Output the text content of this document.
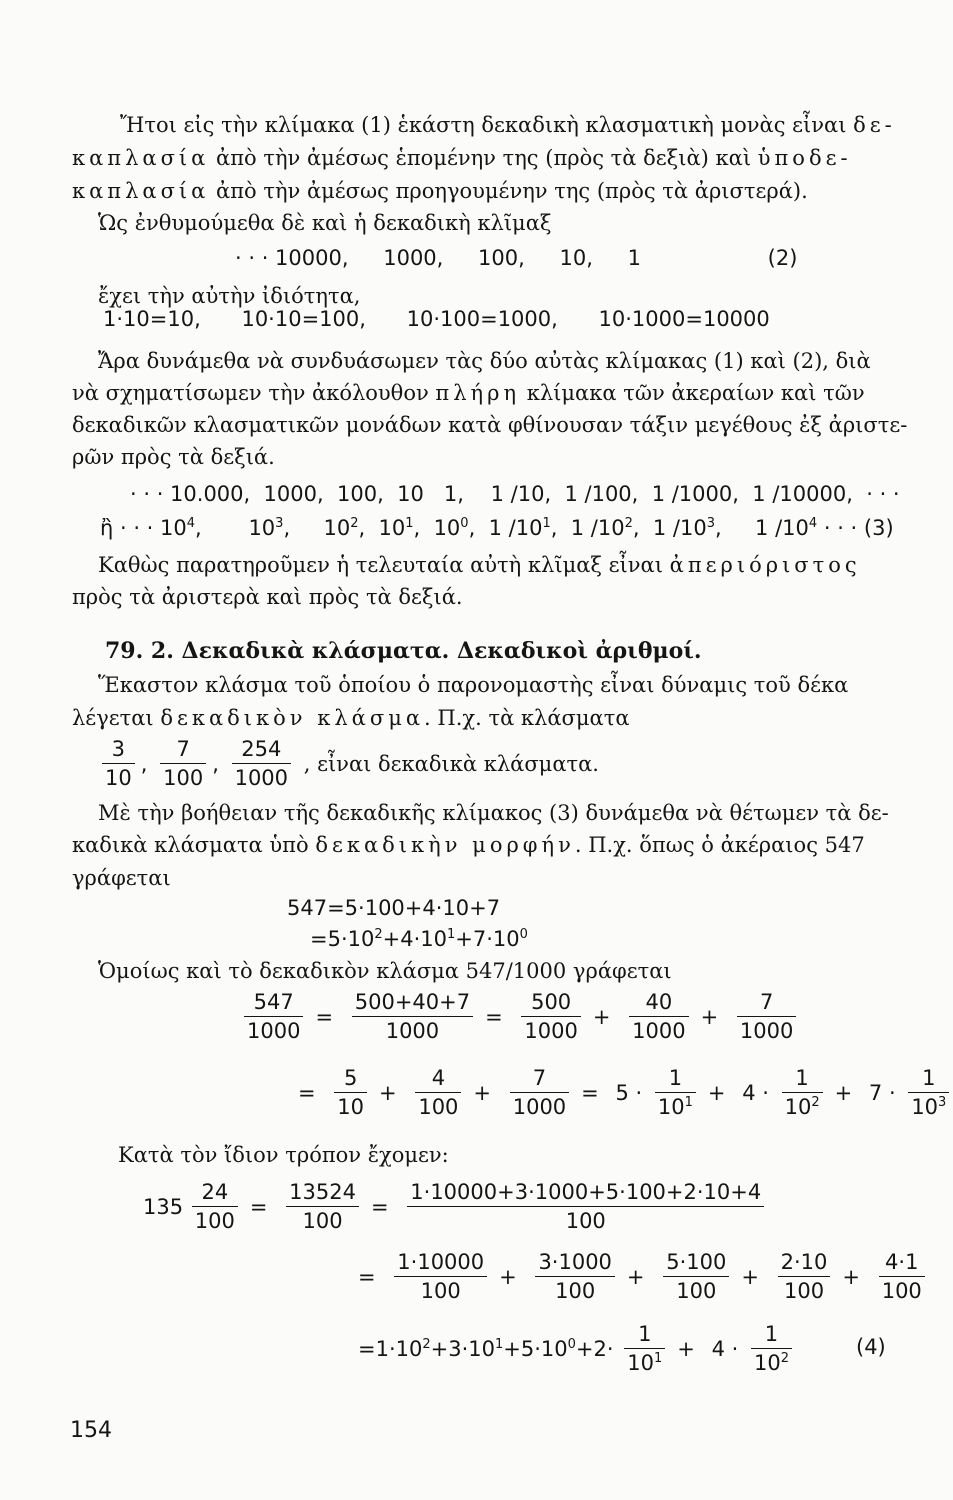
Ἤτοι εἰς τὴν κλίμακα (1) ἑκάστη δεκαδικὴ κλασματικὴ μονὰς εἶναι δε-
καπλασία ἀπὸ τὴν ἀμέσως ἑπομένην της (πρὸς τὰ δεξιὰ) καὶ ὑποδε-
καπλασία ἀπὸ τὴν ἀμέσως προηγουμένην της (πρὸς τὰ ἀριστερά).
Ὡς ἐνθυμούμεθα δὲ καὶ ἡ δεκαδικὴ κλῖμαξ
· · · 10000, 1000, 100, 10, 1	(2)
ἔχει τὴν αὐτὴν ἰδιότητα,
1·10=10, 10·10=100, 10·100=1000, 10·1000=10000
Ἄρα δυνάμεθα νὰ συνδυάσωμεν τὰς δύο αὐτὰς κλίμακας (1) καὶ (2), διὰ
νὰ σχηματίσωμεν τὴν ἀκόλουθον πλήρη κλίμακα τῶν ἀκεραίων καὶ τῶν
δεκαδικῶν κλασματικῶν μονάδων κατὰ φθίνουσαν τάξιν μεγέθους ἐξ ἀριστε-
ρῶν πρὸς τὰ δεξιά.
· · · 10.000,  1000,  100,  10   1,    1 /10,  1 /100,  1 /1000,  1 /10000,  · · ·
ἢ · · · $10^4$,       $10^3$,     $10^2$,  $10^1$,  $10^0$,  1 $/10^1$,  1 $/10^2$,  1 $/10^3$,     1 $/10^4$ · · · (3)
Καθὼς παρατηροῦμεν ἡ τελευταία αὐτὴ κλῖμαξ εἶναι ἀπεριόριστος
πρὸς τὰ ἀριστερὰ καὶ πρὸς τὰ δεξιά.
79. 2. Δεκαδικὰ κλάσματα. Δεκαδικοὶ ἀριθμοί.
Ἕκαστον κλάσμα τοῦ ὁποίου ὁ παρονομαστὴς εἶναι δύναμις τοῦ δέκα
λέγεται δεκαδικὸν κλάσμα. Π.χ. τὰ κλάσματα
$\frac{3}{10}$ , $\frac{7}{100}$ , $\frac{254}{1000}$ , εἶναι δεκαδικὰ κλάσματα.
Μὲ τὴν βοήθειαν τῆς δεκαδικῆς κλίμακος (3) δυνάμεθα νὰ θέτωμεν τὰ δε-
καδικὰ κλάσματα ὑπὸ δεκαδικὴν μορφήν. Π.χ. ὅπως ὁ ἀκέραιος 547
γράφεται
547=5·100+4·10+7
$=5\cdot 10^2+4\cdot 10^1+7\cdot 10^0$
Ὁμοίως καὶ τὸ δεκαδικὸν κλάσμα 547/1000 γράφεται
$\frac{547}{1000} = \frac{500+40+7}{1000} = \frac{500}{1000} + \frac{40}{1000} + \frac{7}{1000}$
= $\frac{5}{10} + \frac{4}{100} + \frac{7}{1000} = 5 \cdot \frac{1}{10^1} + 4 \cdot \frac{1}{10^2} + 7 \cdot \frac{1}{10^3}$
Κατὰ τὸν ἴδιον τρόπον ἔχομεν:
$135 \frac{24}{100} = \frac{13524}{100} = \frac{1\cdot 10000+3\cdot 1000+5\cdot 100+2\cdot 10+4}{100}$
= $\frac{1\cdot 10000}{100} + \frac{3\cdot 1000}{100} + \frac{5\cdot 100}{100} + \frac{2\cdot 10}{100} + \frac{4\cdot 1}{100}$
$=1\cdot 10^2+3\cdot 10^1+5\cdot 10^0+2\cdot \frac{1}{10^1} + 4 \cdot \frac{1}{10^2}$	(4)
154
